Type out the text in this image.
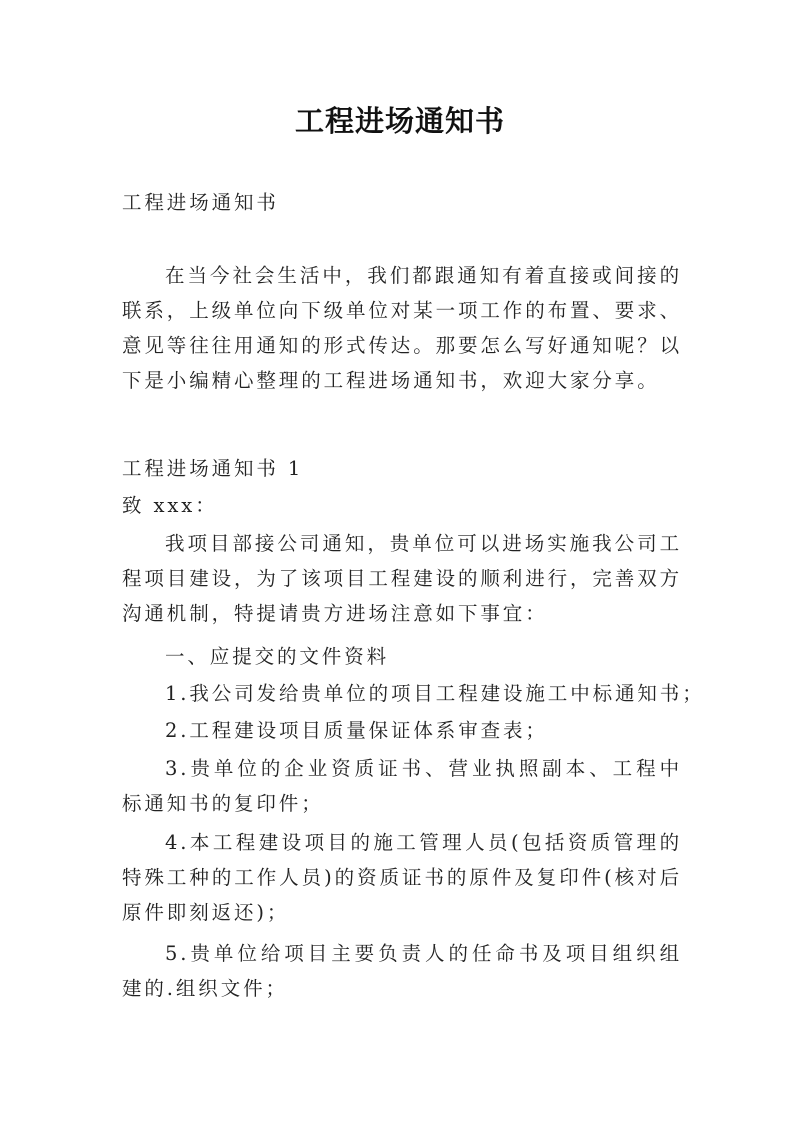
工程进场通知书

工程进场通知书

在当今社会生活中，我们都跟通知有着直接或间接的联系，上级单位向下级单位对某一项工作的布置、要求、意见等往往用通知的形式传达。那要怎么写好通知呢？以下是小编精心整理的工程进场通知书，欢迎大家分享。

工程进场通知书 1

致 xxx：

我项目部接公司通知，贵单位可以进场实施我公司工程项目建设，为了该项目工程建设的顺利进行，完善双方沟通机制，特提请贵方进场注意如下事宜：

一、应提交的文件资料

1.我公司发给贵单位的项目工程建设施工中标通知书；

2.工程建设项目质量保证体系审查表；

3.贵单位的企业资质证书、营业执照副本、工程中标通知书的复印件；

4.本工程建设项目的施工管理人员(包括资质管理的特殊工种的工作人员)的资质证书的原件及复印件(核对后原件即刻返还)；

5.贵单位给项目主要负责人的任命书及项目组织组建的.组织文件；
